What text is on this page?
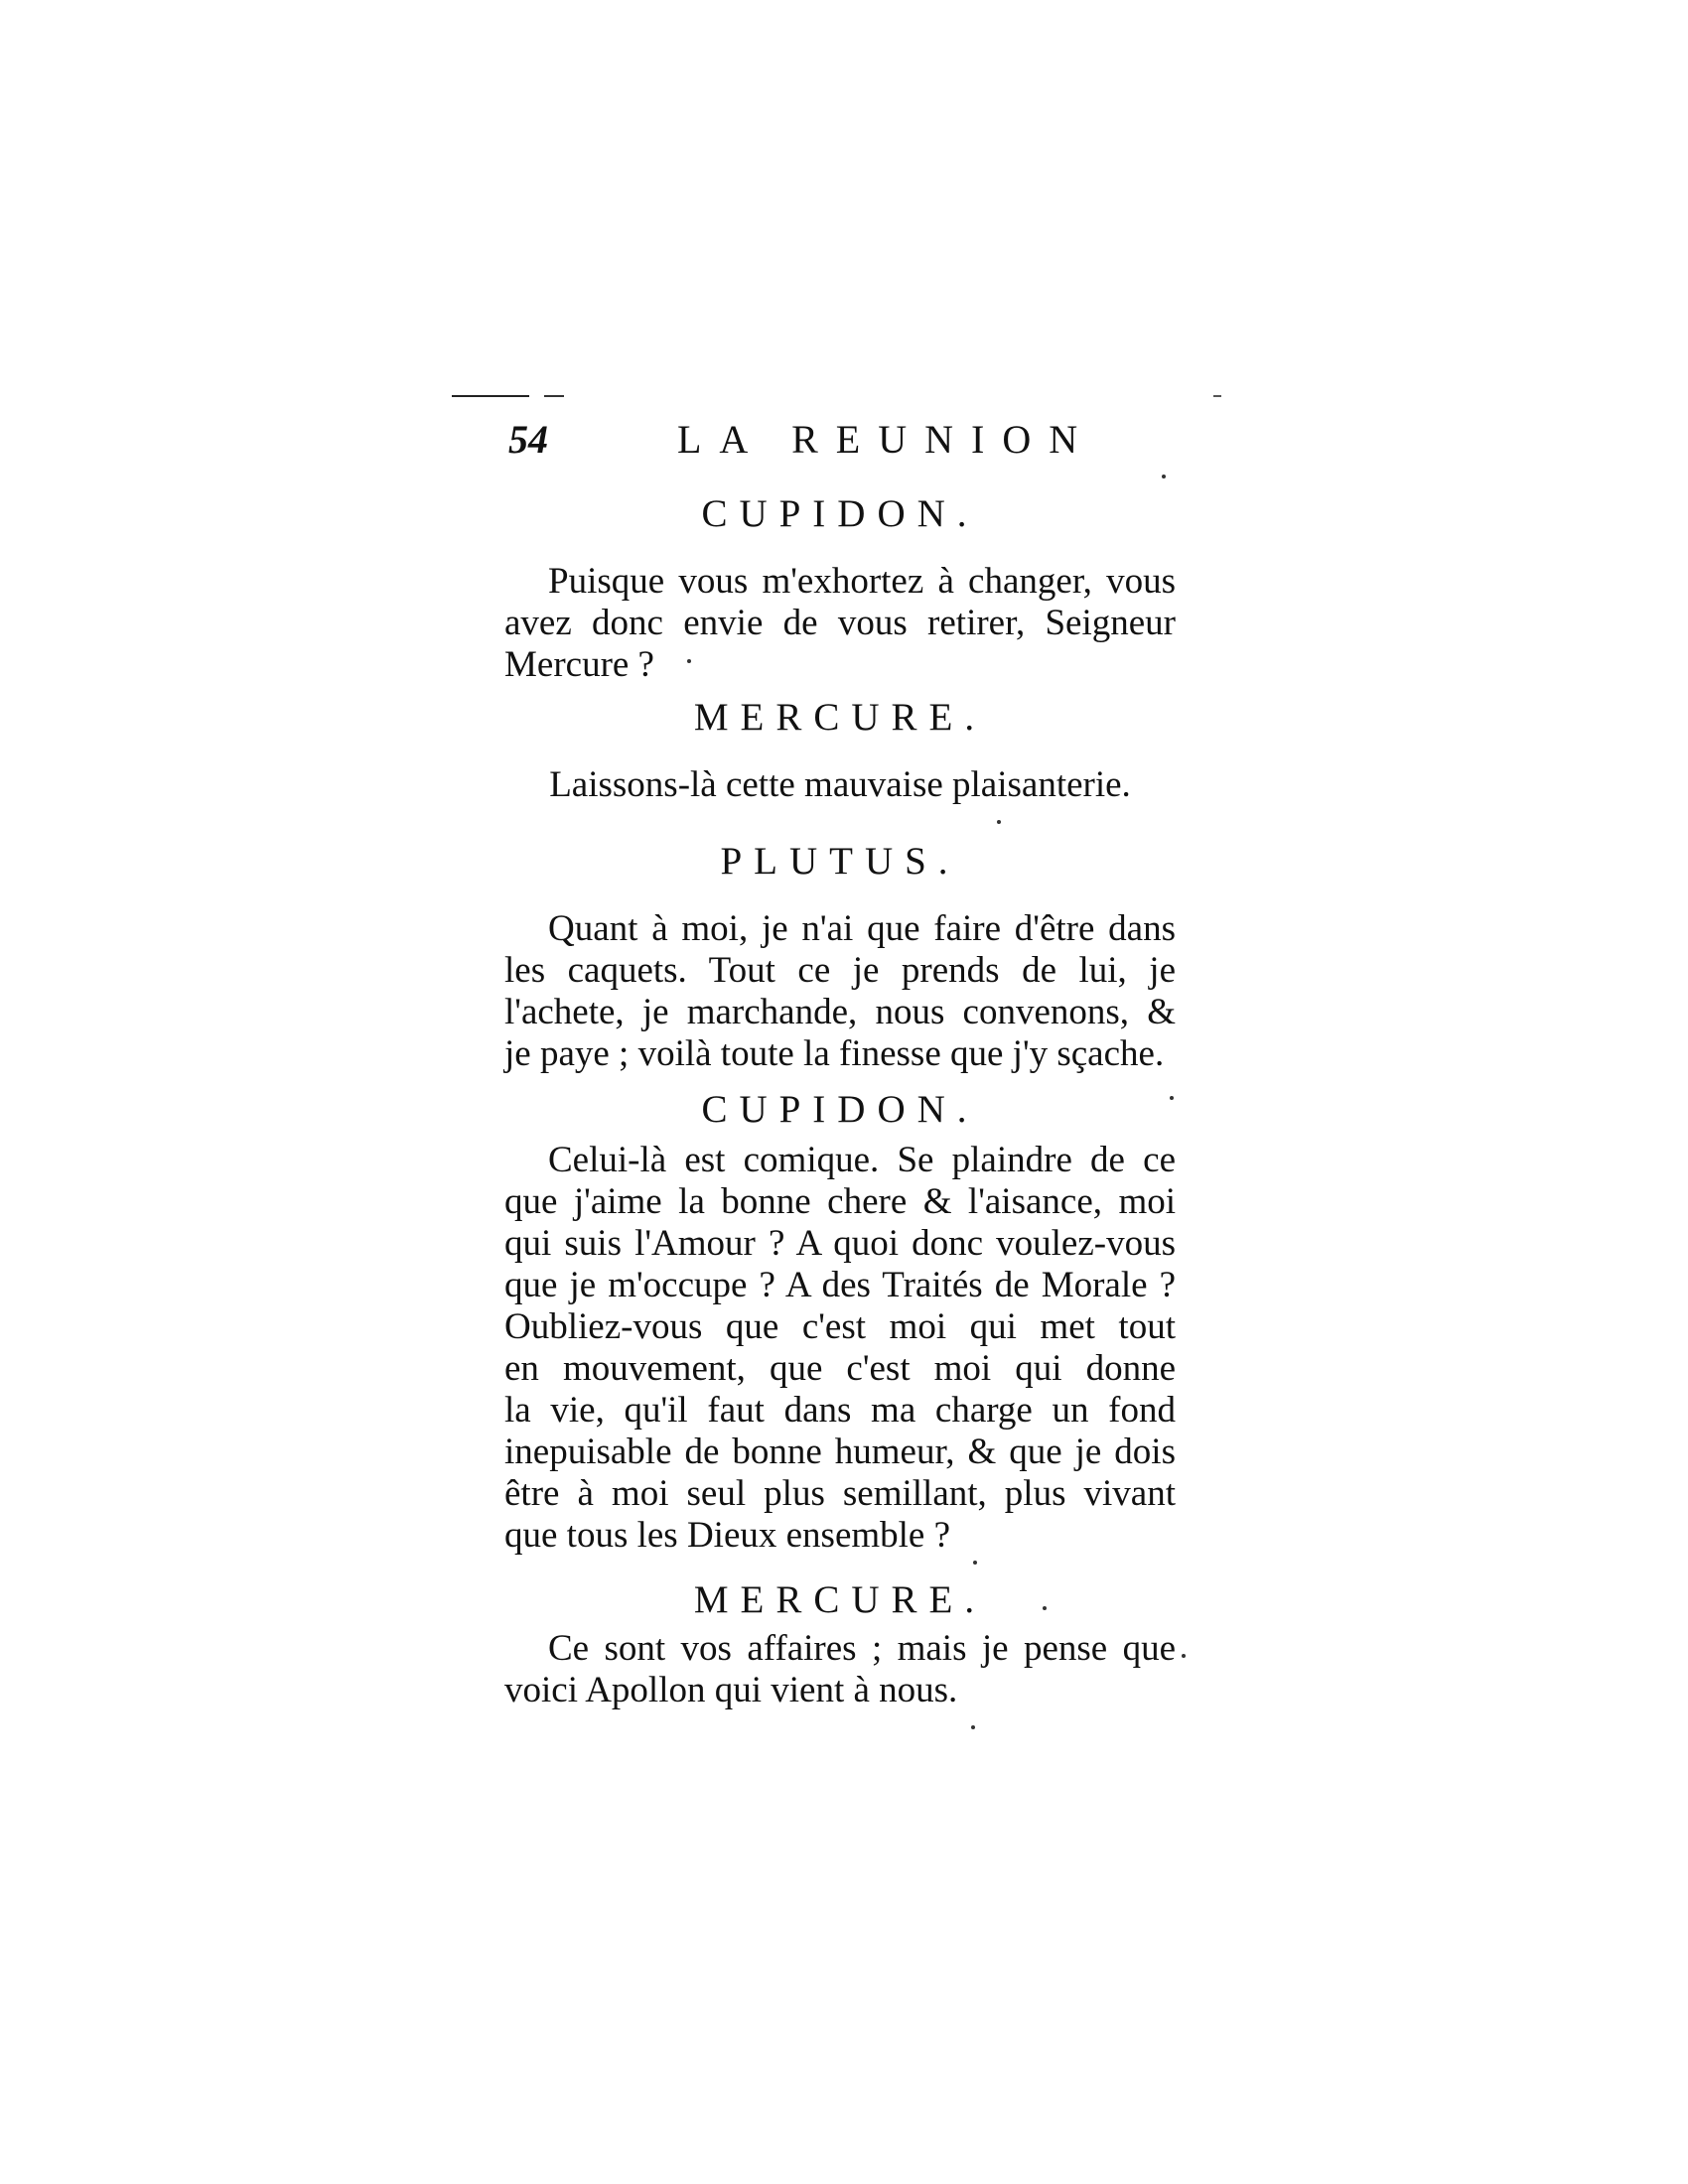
54	LA REUNION
CUPIDON.
Puisque vous m'exhortez à changer, vous
avez donc envie de vous retirer, Seigneur
Mercure ?
MERCURE.
Laissons-là cette mauvaise plaisanterie.
PLUTUS.
Quant à moi, je n'ai que faire d'être dans
les caquets. Tout ce je prends de lui, je
l'achete, je marchande, nous convenons, &
je paye ; voilà toute la finesse que j'y sçache.
CUPIDON.
Celui-là est comique. Se plaindre de ce
que j'aime la bonne chere & l'aisance, moi
qui suis l'Amour ? A quoi donc voulez-vous
que je m'occupe ? A des Traités de Morale ?
Oubliez-vous que c'est moi qui met tout
en mouvement, que c'est moi qui donne
la vie, qu'il faut dans ma charge un fond
inepuisable de bonne humeur, & que je dois
être à moi seul plus semillant, plus vivant
que tous les Dieux ensemble ?
MERCURE.
Ce sont vos affaires ; mais je pense que
voici Apollon qui vient à nous.
